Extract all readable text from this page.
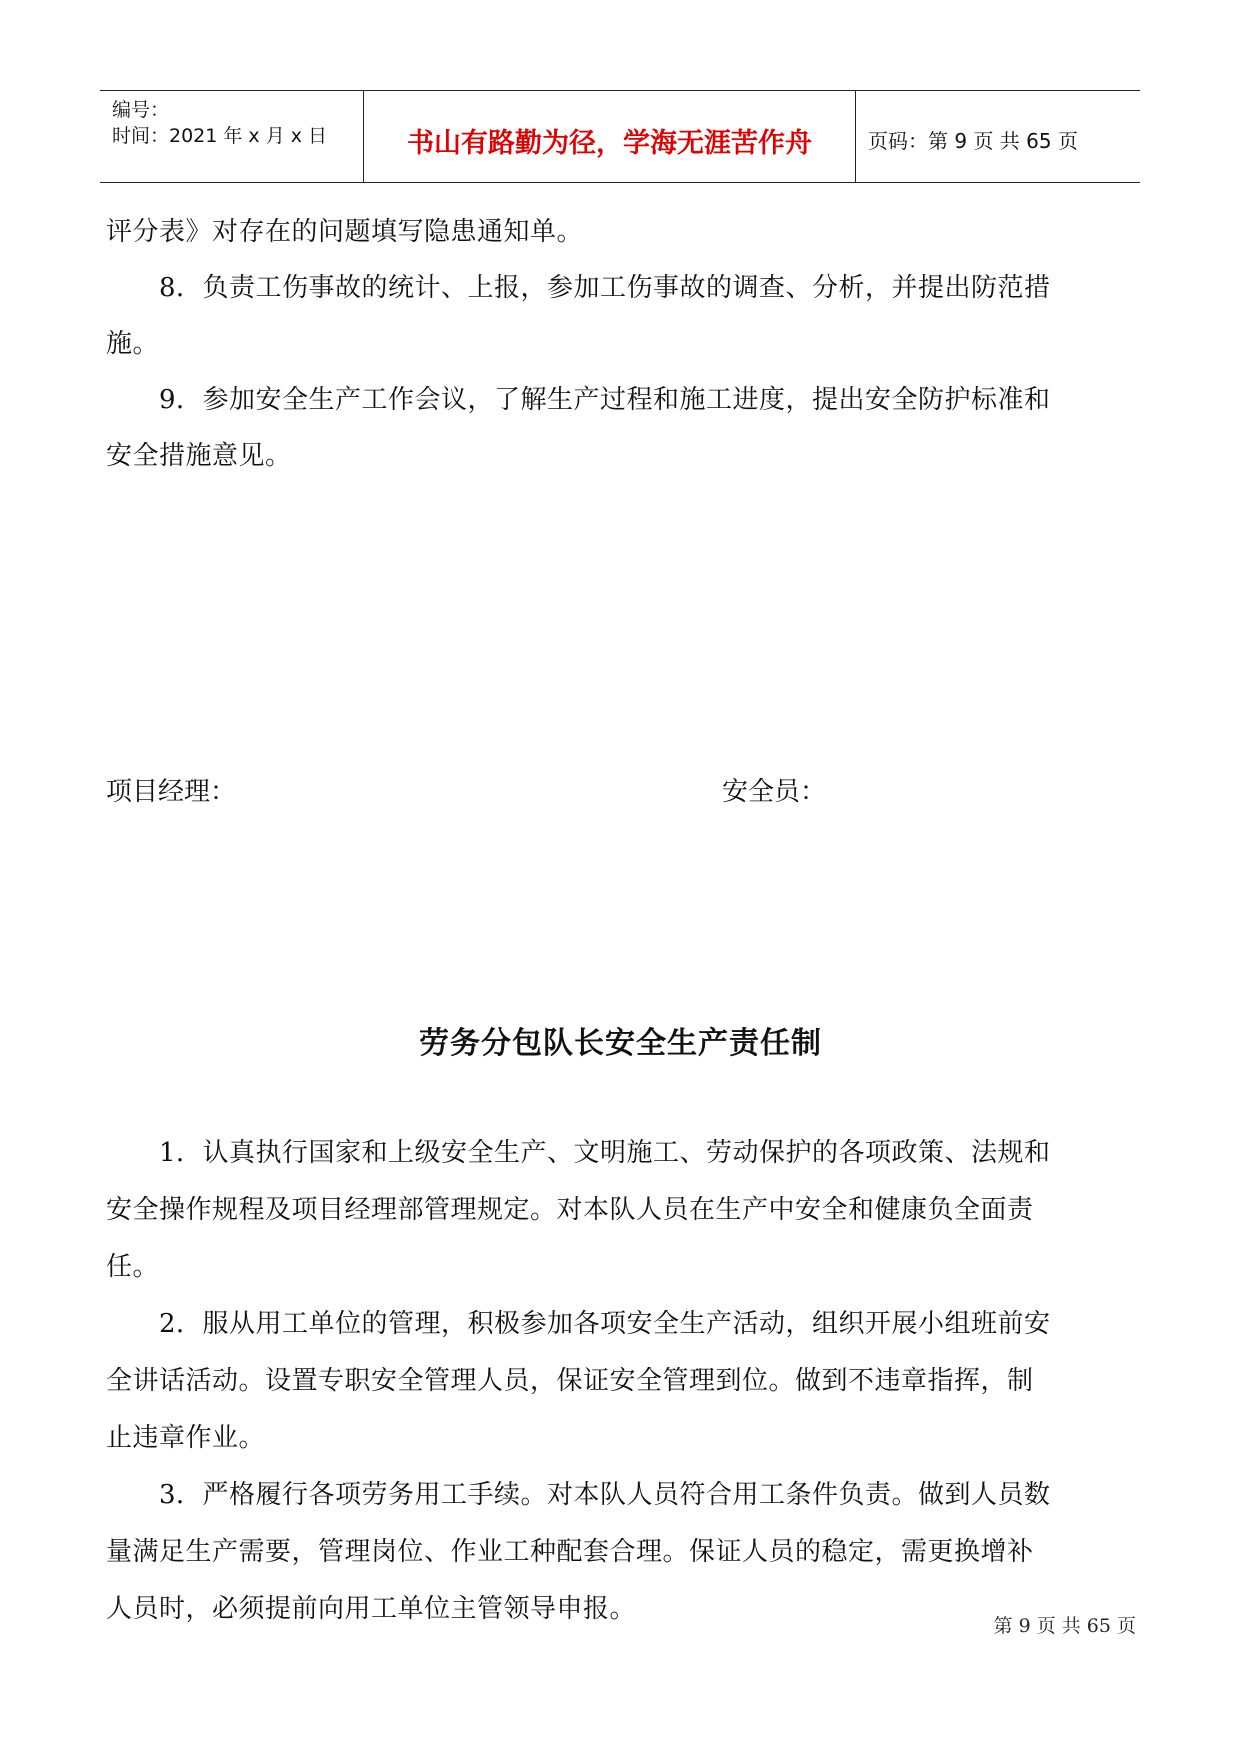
编号：
时间：2021 年 x 月 x 日	书山有路勤为径，学海无涯苦作舟	页码：第 9 页 共 65 页
评分表》对存在的问题填写隐患通知单。
　　8．负责工伤事故的统计、上报，参加工伤事故的调查、分析，并提出防范措
施。
　　9．参加安全生产工作会议，了解生产过程和施工进度，提出安全防护标准和
安全措施意见。
项目经理：	安全员：
劳务分包队长安全生产责任制
　　1．认真执行国家和上级安全生产、文明施工、劳动保护的各项政策、法规和
安全操作规程及项目经理部管理规定。对本队人员在生产中安全和健康负全面责
任。
　　2．服从用工单位的管理，积极参加各项安全生产活动，组织开展小组班前安
全讲话活动。设置专职安全管理人员，保证安全管理到位。做到不违章指挥，制
止违章作业。
　　3．严格履行各项劳务用工手续。对本队人员符合用工条件负责。做到人员数
量满足生产需要，管理岗位、作业工种配套合理。保证人员的稳定，需更换增补
人员时，必须提前向用工单位主管领导申报。
第 9 页 共 65 页
